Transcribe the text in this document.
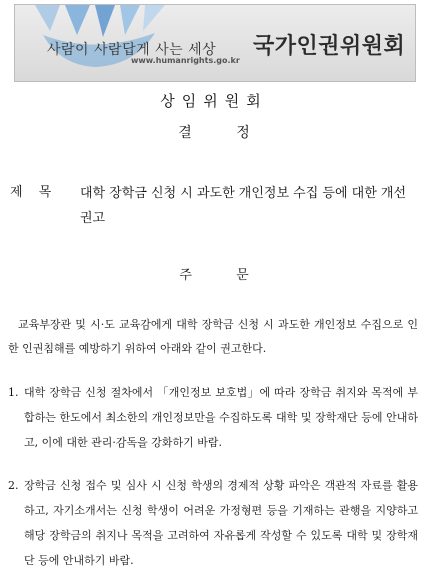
사람이 사람답게 사는 세상
www.humanrights.go.kr
국가인권위원회
상임위원회
결 정
제 목 대학 장학금 신청 시 과도한 개인정보 수집 등에 대한 개선 권고
주 문
교육부장관 및 시·도 교육감에게 대학 장학금 신청 시 과도한 개인정보 수집으로 인한 인권침해를 예방하기 위하여 아래와 같이 권고한다.
1. 대학 장학금 신청 절차에서 「개인정보 보호법」에 따라 장학금 취지와 목적에 부합하는 한도에서 최소한의 개인정보만을 수집하도록 대학 및 장학재단 등에 안내하고, 이에 대한 관리·감독을 강화하기 바람.
2. 장학금 신청 접수 및 심사 시 신청 학생의 경제적 상황 파악은 객관적 자료를 활용하고, 자기소개서는 신청 학생이 어려운 가정형편 등을 기재하는 관행을 지양하고 해당 장학금의 취지나 목적을 고려하여 자유롭게 작성할 수 있도록 대학 및 장학재단 등에 안내하기 바람.
